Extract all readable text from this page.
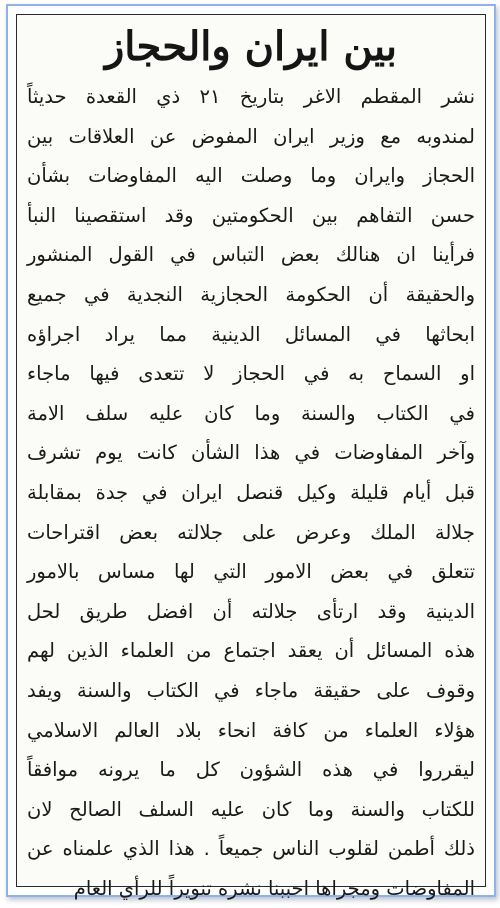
بين ايران والحجاز
نشر المقطم الاغر بتاريخ ٢١ ذي القعدة حديثاً
لمندوبه مع وزير ايران المفوض عن العلاقات بين
الحجاز وايران وما وصلت اليه المفاوضات بشأن
حسن التفاهم بين الحكومتين وقد استقصينا النبأ
فرأينا ان هنالك بعض التباس في القول المنشور
والحقيقة أن الحكومة الحجازية النجدية في جميع
ابحاثها في المسائل الدينية مما يراد اجراؤه
او السماح به في الحجاز لا تتعدى فيها ماجاء
في الكتاب والسنة وما كان عليه سلف الامة
وآخر المفاوضات في هذا الشأن كانت يوم تشرف
قبل أيام قليلة وكيل قنصل ايران في جدة بمقابلة
جلالة الملك وعرض على جلالته بعض اقتراحات
تتعلق في بعض الامور التي لها مساس بالامور
الدينية وقد ارتأى جلالته أن افضل طريق لحل
هذه المسائل أن يعقد اجتماع من العلماء الذين لهم
وقوف على حقيقة ماجاء في الكتاب والسنة ويفد
هؤلاء العلماء من كافة انحاء بلاد العالم الاسلامي
ليقرروا في هذه الشؤون كل ما يرونه موافقاً
للكتاب والسنة وما كان عليه السلف الصالح لان
ذلك أطمن لقلوب الناس جميعاً . هذا الذي علمناه عن
المفاوضات ومجراها احببنا نشره تنويراً للرأي العام
